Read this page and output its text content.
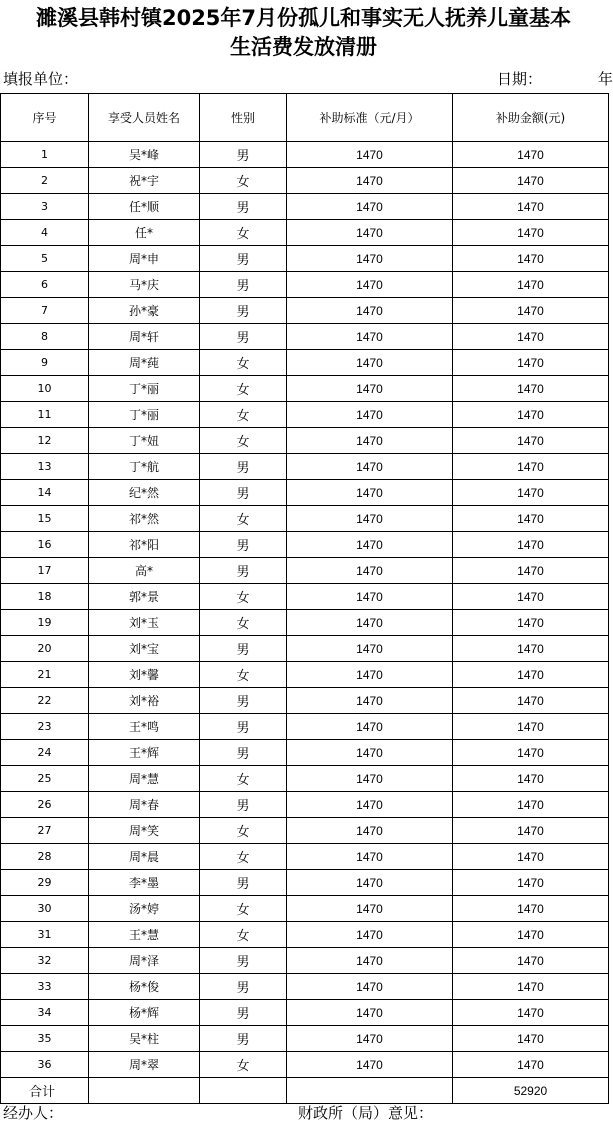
濉溪县韩村镇2025年7月份孤儿和事实无人抚养儿童基本
生活费发放清册
填报单位：	日期：	年
序号	享受人员姓名	性别	补助标准（元/月）	补助金额(元)
1	吴*峰	男	1470	1470
2	祝*宇	女	1470	1470
3	任*顺	男	1470	1470
4	任*	女	1470	1470
5	周*申	男	1470	1470
6	马*庆	男	1470	1470
7	孙*豪	男	1470	1470
8	周*轩	男	1470	1470
9	周*莼	女	1470	1470
10	丁*丽	女	1470	1470
11	丁*丽	女	1470	1470
12	丁*妞	女	1470	1470
13	丁*航	男	1470	1470
14	纪*然	男	1470	1470
15	祁*然	女	1470	1470
16	祁*阳	男	1470	1470
17	高*	男	1470	1470
18	郭*景	女	1470	1470
19	刘*玉	女	1470	1470
20	刘*宝	男	1470	1470
21	刘*馨	女	1470	1470
22	刘*裕	男	1470	1470
23	王*鸣	男	1470	1470
24	王*辉	男	1470	1470
25	周*慧	女	1470	1470
26	周*春	男	1470	1470
27	周*笑	女	1470	1470
28	周*晨	女	1470	1470
29	李*墨	男	1470	1470
30	汤*婷	女	1470	1470
31	王*慧	女	1470	1470
32	周*泽	男	1470	1470
33	杨*俊	男	1470	1470
34	杨*辉	男	1470	1470
35	吴*柱	男	1470	1470
36	周*翠	女	1470	1470
合计				52920
经办人：	财政所（局）意见：
